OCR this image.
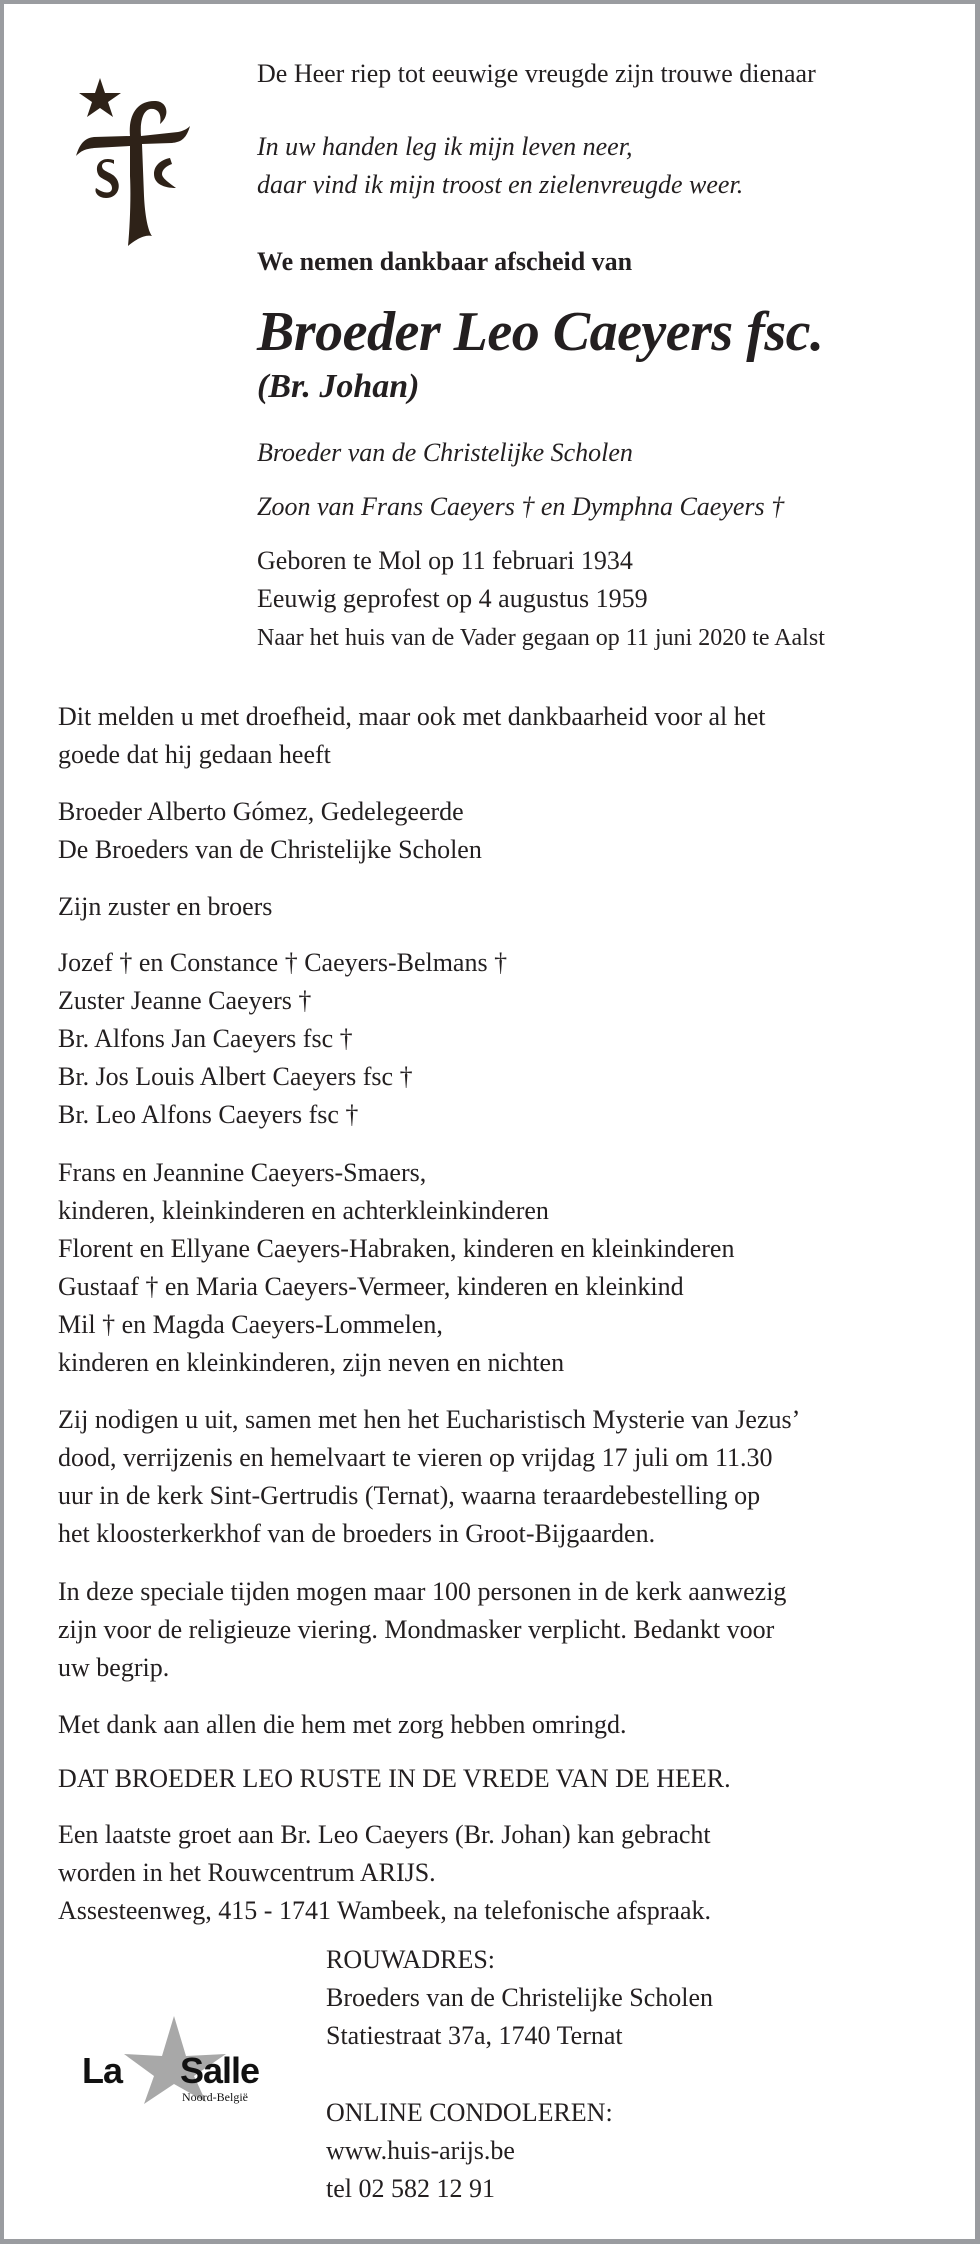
De Heer riep tot eeuwige vreugde zijn trouwe dienaar
In uw handen leg ik mijn leven neer,
daar vind ik mijn troost en zielenvreugde weer.
We nemen dankbaar afscheid van
Broeder Leo Caeyers fsc.
(Br. Johan)
Broeder van de Christelijke Scholen
Zoon van Frans Caeyers † en Dymphna Caeyers †
Geboren te Mol op 11 februari 1934
Eeuwig geprofest op 4 augustus 1959
Naar het huis van de Vader gegaan op 11 juni 2020 te Aalst
Dit melden u met droefheid, maar ook met dankbaarheid voor al het
goede dat hij gedaan heeft
Broeder Alberto Gómez, Gedelegeerde
De Broeders van de Christelijke Scholen
Zijn zuster en broers
Jozef † en Constance † Caeyers-Belmans †
Zuster Jeanne Caeyers †
Br. Alfons Jan Caeyers fsc †
Br. Jos Louis Albert Caeyers fsc †
Br. Leo Alfons Caeyers fsc †
Frans en Jeannine Caeyers-Smaers,
kinderen, kleinkinderen en achterkleinkinderen
Florent en Ellyane Caeyers-Habraken, kinderen en kleinkinderen
Gustaaf † en Maria Caeyers-Vermeer, kinderen en kleinkind
Mil † en Magda Caeyers-Lommelen,
kinderen en kleinkinderen, zijn neven en nichten
Zij nodigen u uit, samen met hen het Eucharistisch Mysterie van Jezus’
dood, verrijzenis en hemelvaart te vieren op vrijdag 17 juli om 11.30
uur in de kerk Sint-Gertrudis (Ternat), waarna teraardebestelling op
het kloosterkerkhof van de broeders in Groot-Bijgaarden.
In deze speciale tijden mogen maar 100 personen in de kerk aanwezig
zijn voor de religieuze viering. Mondmasker verplicht. Bedankt voor
uw begrip.
Met dank aan allen die hem met zorg hebben omringd.
DAT BROEDER LEO RUSTE IN DE VREDE VAN DE HEER.
Een laatste groet aan Br. Leo Caeyers (Br. Johan) kan gebracht
worden in het Rouwcentrum ARIJS.
Assesteenweg, 415 - 1741 Wambeek, na telefonische afspraak.
La Salle
Noord-België
ROUWADRES:
Broeders van de Christelijke Scholen
Statiestraat 37a, 1740 Ternat
ONLINE CONDOLEREN:
www.huis-arijs.be
tel 02 582 12 91
